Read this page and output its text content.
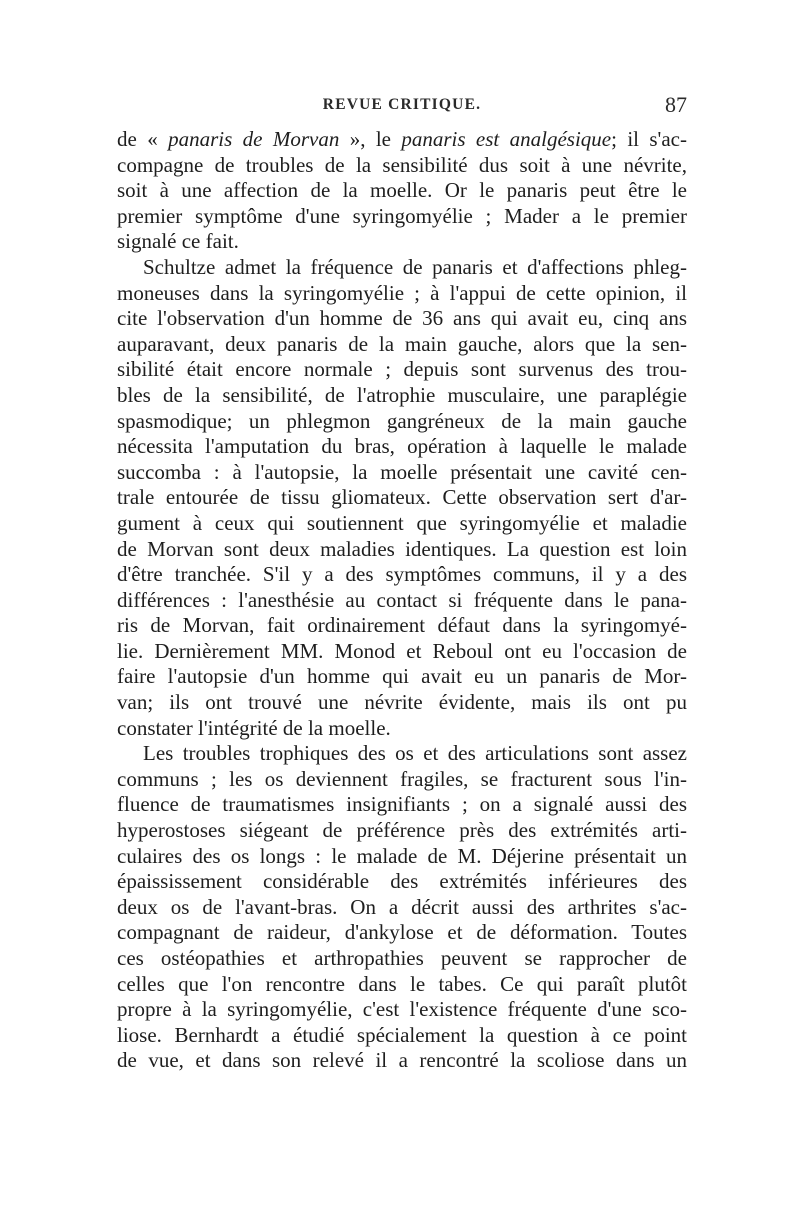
REVUE CRITIQUE.	87
de « panaris de Morvan », le panaris est analgésique; il s'ac-
compagne de troubles de la sensibilité dus soit à une névrite,
soit à une affection de la moelle. Or le panaris peut être le
premier symptôme d'une syringomyélie ; Mader a le premier
signalé ce fait.
Schultze admet la fréquence de panaris et d'affections phleg-
moneuses dans la syringomyélie ; à l'appui de cette opinion, il
cite l'observation d'un homme de 36 ans qui avait eu, cinq ans
auparavant, deux panaris de la main gauche, alors que la sen-
sibilité était encore normale ; depuis sont survenus des trou-
bles de la sensibilité, de l'atrophie musculaire, une paraplégie
spasmodique; un phlegmon gangréneux de la main gauche
nécessita l'amputation du bras, opération à laquelle le malade
succomba : à l'autopsie, la moelle présentait une cavité cen-
trale entourée de tissu gliomateux. Cette observation sert d'ar-
gument à ceux qui soutiennent que syringomyélie et maladie
de Morvan sont deux maladies identiques. La question est loin
d'être tranchée. S'il y a des symptômes communs, il y a des
différences : l'anesthésie au contact si fréquente dans le pana-
ris de Morvan, fait ordinairement défaut dans la syringomyé-
lie. Dernièrement MM. Monod et Reboul ont eu l'occasion de
faire l'autopsie d'un homme qui avait eu un panaris de Mor-
van; ils ont trouvé une névrite évidente, mais ils ont pu
constater l'intégrité de la moelle.
Les troubles trophiques des os et des articulations sont assez
communs ; les os deviennent fragiles, se fracturent sous l'in-
fluence de traumatismes insignifiants ; on a signalé aussi des
hyperostoses siégeant de préférence près des extrémités arti-
culaires des os longs : le malade de M. Déjerine présentait un
épaississement considérable des extrémités inférieures des
deux os de l'avant-bras. On a décrit aussi des arthrites s'ac-
compagnant de raideur, d'ankylose et de déformation. Toutes
ces ostéopathies et arthropathies peuvent se rapprocher de
celles que l'on rencontre dans le tabes. Ce qui paraît plutôt
propre à la syringomyélie, c'est l'existence fréquente d'une sco-
liose. Bernhardt a étudié spécialement la question à ce point
de vue, et dans son relevé il a rencontré la scoliose dans un
